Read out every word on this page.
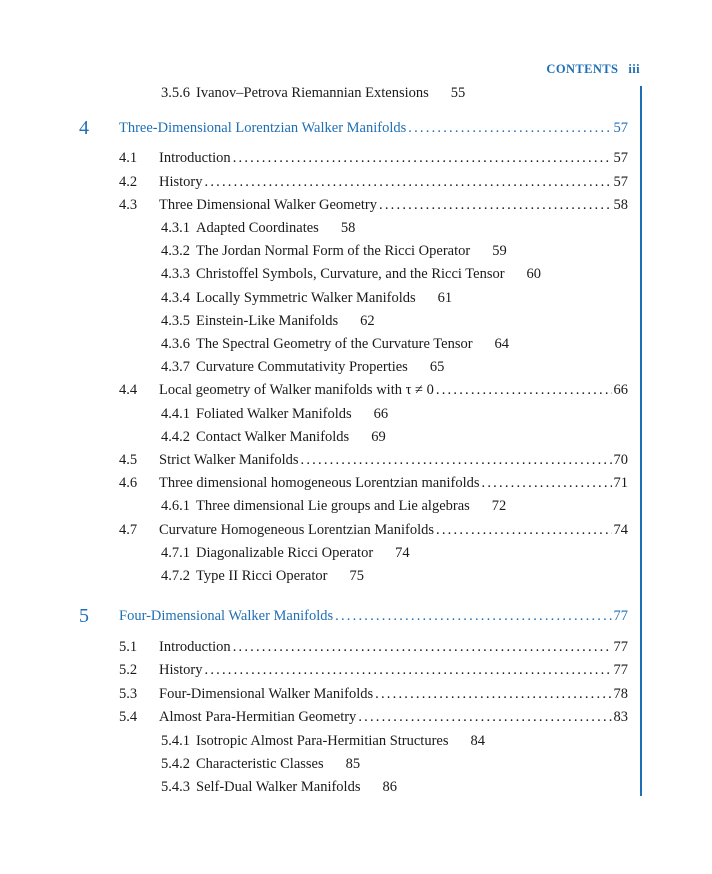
CONTENTS iii
3.5.6 Ivanov–Petrova Riemannian Extensions 55
4 Three-Dimensional Lorentzian Walker Manifolds .....	57
4.1 Introduction .....	57
4.2 History .....	57
4.3 Three Dimensional Walker Geometry .....	58
4.3.1 Adapted Coordinates 58
4.3.2 The Jordan Normal Form of the Ricci Operator 59
4.3.3 Christoffel Symbols, Curvature, and the Ricci Tensor 60
4.3.4 Locally Symmetric Walker Manifolds 61
4.3.5 Einstein-Like Manifolds 62
4.3.6 The Spectral Geometry of the Curvature Tensor 64
4.3.7 Curvature Commutativity Properties 65
4.4 Local geometry of Walker manifolds with τ ≠ 0 .....	66
4.4.1 Foliated Walker Manifolds 66
4.4.2 Contact Walker Manifolds 69
4.5 Strict Walker Manifolds .....	70
4.6 Three dimensional homogeneous Lorentzian manifolds .....	71
4.6.1 Three dimensional Lie groups and Lie algebras 72
4.7 Curvature Homogeneous Lorentzian Manifolds .....	74
4.7.1 Diagonalizable Ricci Operator 74
4.7.2 Type II Ricci Operator 75
5 Four-Dimensional Walker Manifolds .....	77
5.1 Introduction .....	77
5.2 History .....	77
5.3 Four-Dimensional Walker Manifolds .....	78
5.4 Almost Para-Hermitian Geometry .....	83
5.4.1 Isotropic Almost Para-Hermitian Structures 84
5.4.2 Characteristic Classes 85
5.4.3 Self-Dual Walker Manifolds 86
